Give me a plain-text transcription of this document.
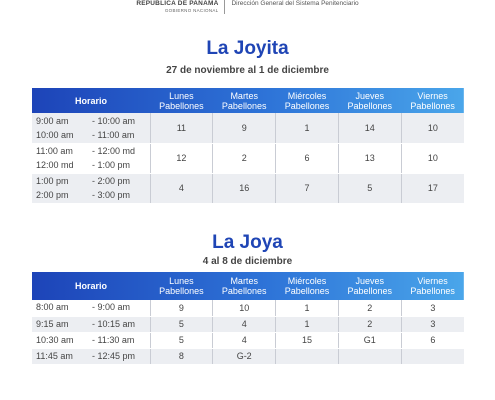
REPÚBLICA DE PANAMÁ
GOBIERNO NACIONAL
Dirección General del Sistema Penitenciario
La Joyita
27 de noviembre al 1 de diciembre
Horario	Lunes Pabellones	Martes Pabellones	Miércoles Pabellones	Jueves Pabellones	Viernes Pabellones

9:00 am - 10:00 am
10:00 am - 11:00 am	11	9	1	14	10

11:00 am - 12:00 md
12:00 md - 1:00 pm	12	2	6	13	10

1:00 pm - 2:00 pm
2:00 pm - 3:00 pm	4	16	7	5	17
La Joya
4 al 8 de diciembre
Horario	Lunes Pabellones	Martes Pabellones	Miércoles Pabellones	Jueves Pabellones	Viernes Pabellones

8:00 am - 9:00 am	9	10	1	2	3

9:15 am - 10:15 am	5	4	1	2	3

10:30 am - 11:30 am	5	4	15	G1	6

11:45 am - 12:45 pm	8	G-2			
